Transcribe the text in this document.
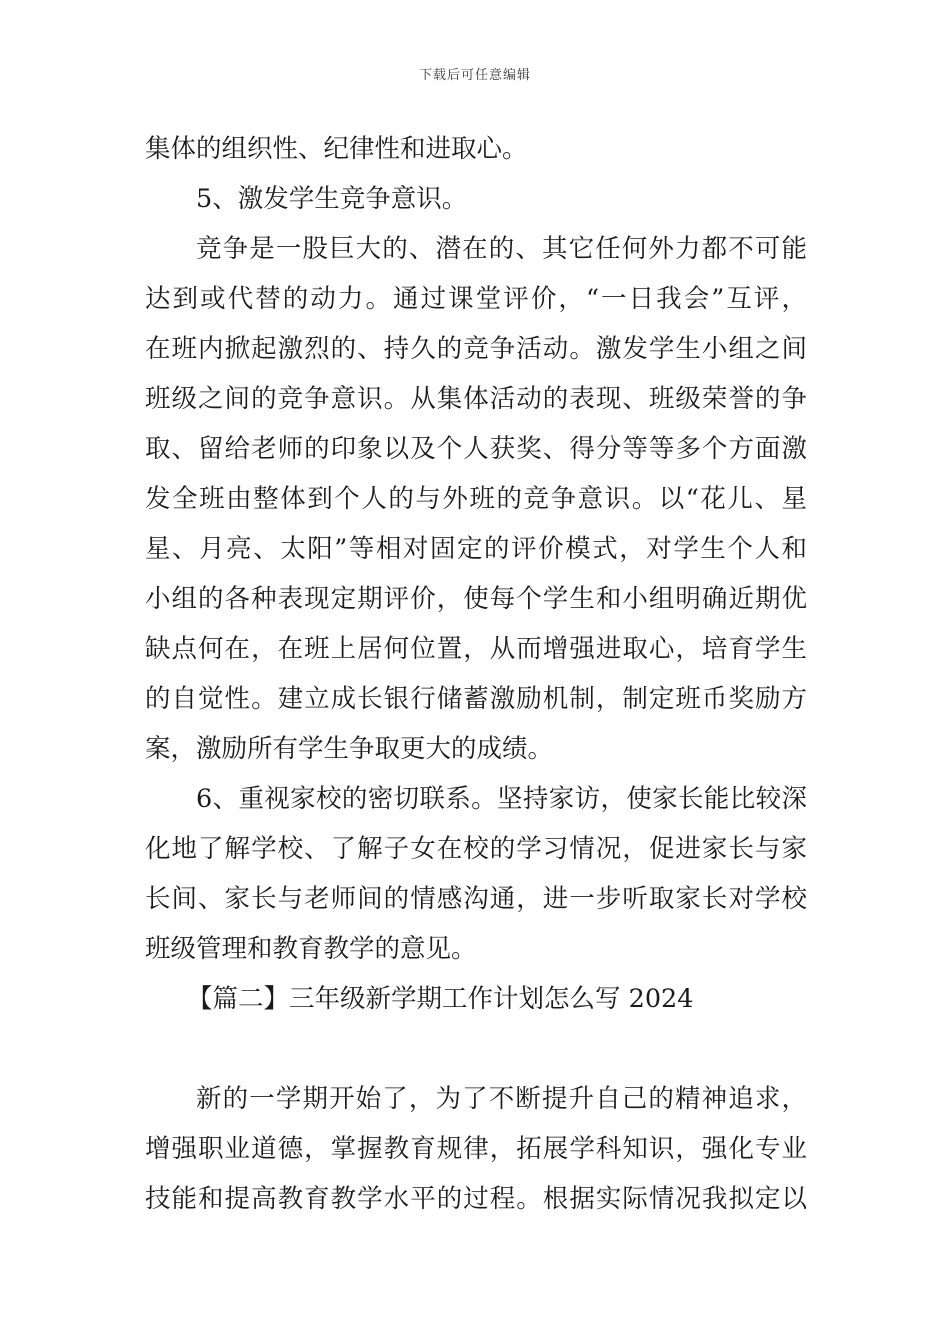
下载后可任意编辑
集体的组织性、纪律性和进取心。
5、激发学生竞争意识。
竞争是一股巨大的、潜在的、其它任何外力都不可能
达到或代替的动力。通过课堂评价，“一日我会”互评，
在班内掀起激烈的、持久的竞争活动。激发学生小组之间
班级之间的竞争意识。从集体活动的表现、班级荣誉的争
取、留给老师的印象以及个人获奖、得分等等多个方面激
发全班由整体到个人的与外班的竞争意识。以“花儿、星
星、月亮、太阳”等相对固定的评价模式，对学生个人和
小组的各种表现定期评价，使每个学生和小组明确近期优
缺点何在，在班上居何位置，从而增强进取心，培育学生
的自觉性。建立成长银行储蓄激励机制，制定班币奖励方
案，激励所有学生争取更大的成绩。
6、重视家校的密切联系。坚持家访，使家长能比较深
化地了解学校、了解子女在校的学习情况，促进家长与家
长间、家长与老师间的情感沟通，进一步听取家长对学校
班级管理和教育教学的意见。
【篇二】三年级新学期工作计划怎么写 2024
新的一学期开始了，为了不断提升自己的精神追求，
增强职业道德，掌握教育规律，拓展学科知识，强化专业
技能和提高教育教学水平的过程。根据实际情况我拟定以
